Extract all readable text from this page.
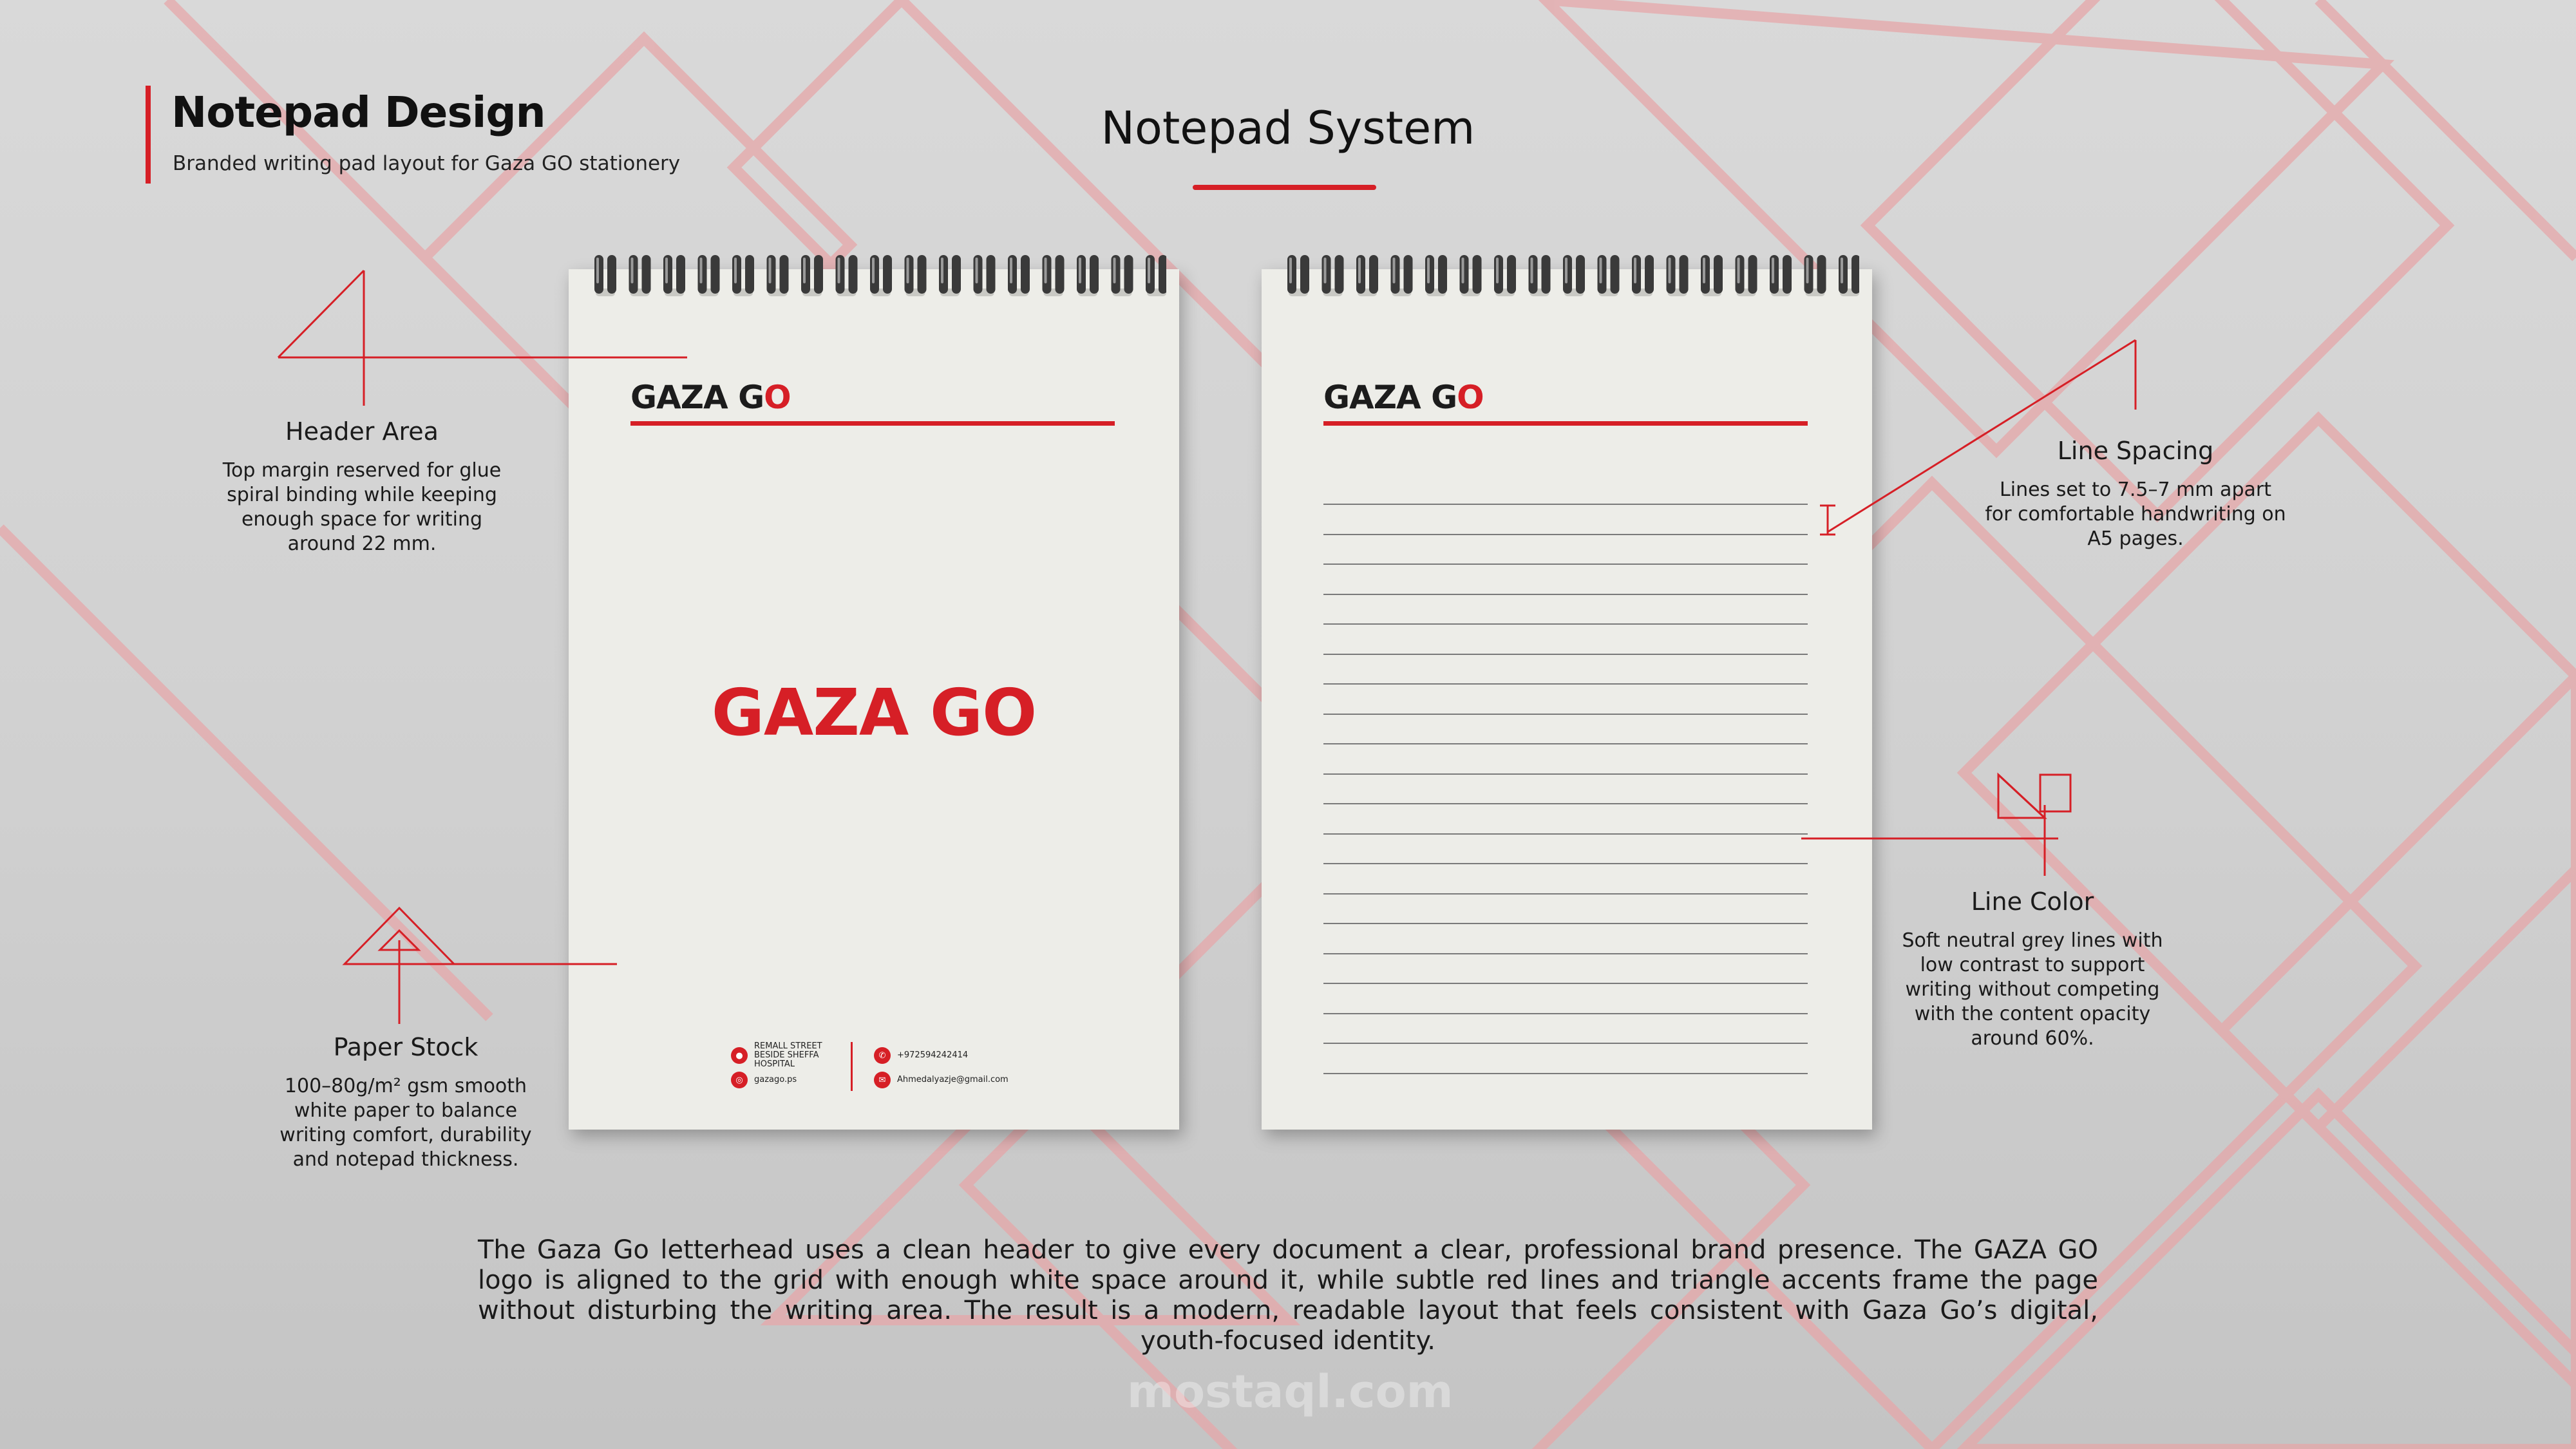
Notepad Design
Branded writing pad layout for Gaza GO stationery
Notepad System
GAZA GO
GAZA GO
●
REMALL STREET BESIDE SHEFFA HOSPITAL
◎	gazago.ps
✆	+972594242414
✉	Ahmedalyazje@gmail.com
GAZA GO
Header Area
Top margin reserved for glue spiral binding while keeping enough space for writing around 22 mm.
Paper Stock
100–80g/m² gsm smooth white paper to balance writing comfort, durability and notepad thickness.
Line Spacing
Lines set to 7.5–7 mm apart for comfortable handwriting on A5 pages.
Line Color
Soft neutral grey lines with low contrast to support writing without competing with the content opacity around 60%.
The Gaza Go letterhead uses a clean header to give every document a clear, professional brand presence. The GAZA GO logo is aligned to the grid with enough white space around it, while subtle red lines and triangle accents frame the page without disturbing the writing area. The result is a modern, readable layout that feels consistent with Gaza Go’s digital, youth-focused identity.
mostaql.com
